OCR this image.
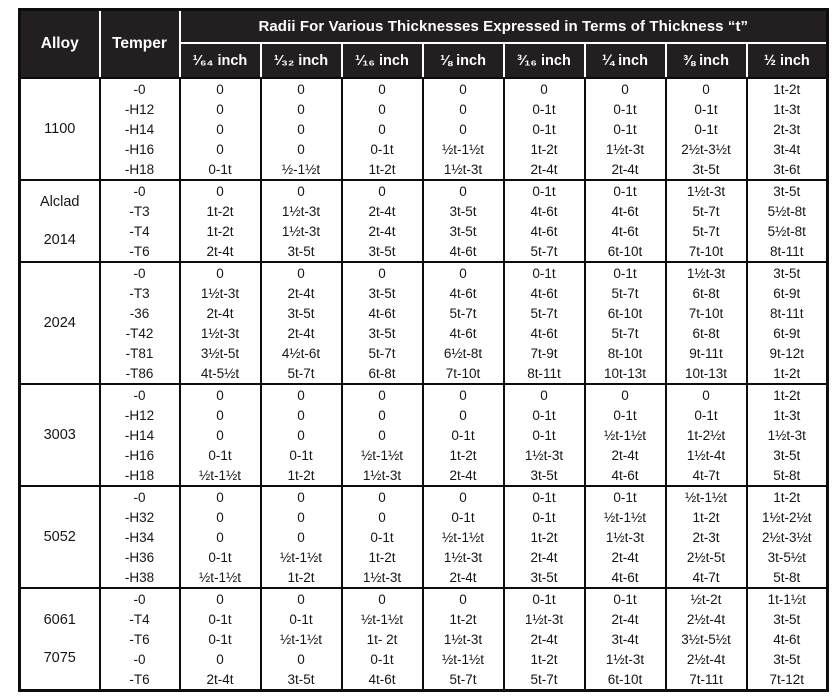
Alloy	Temper	Radii For Various Thicknesses Expressed in Terms of Thickness “t”							
		¹⁄₆₄ inch	¹⁄₃₂ inch	¹⁄₁₆ inch	⅛ inch	³⁄₁₆ inch	¼ inch	⅜ inch	½ inch

1100	-0	0	0	0	0	0	0	0	1t-2t
	-H12	0	0	0	0	0-1t	0-1t	0-1t	1t-3t
	-H14	0	0	0	0	0-1t	0-1t	0-1t	2t-3t
	-H16	0	0	0-1t	½t-1½t	1t-2t	1½t-3t	2½t-3½t	3t-4t
	-H18	0-1t	½-1½t	1t-2t	1½t-3t	2t-4t	2t-4t	3t-5t	3t-6t

Alclad
2014	-0	0	0	0	0	0-1t	0-1t	1½t-3t	3t-5t
	-T3	1t-2t	1½t-3t	2t-4t	3t-5t	4t-6t	4t-6t	5t-7t	5½t-8t
	-T4	1t-2t	1½t-3t	2t-4t	3t-5t	4t-6t	4t-6t	5t-7t	5½t-8t
	-T6	2t-4t	3t-5t	3t-5t	4t-6t	5t-7t	6t-10t	7t-10t	8t-11t

2024	-0	0	0	0	0	0-1t	0-1t	1½t-3t	3t-5t
	-T3	1½t-3t	2t-4t	3t-5t	4t-6t	4t-6t	5t-7t	6t-8t	6t-9t
	-36	2t-4t	3t-5t	4t-6t	5t-7t	5t-7t	6t-10t	7t-10t	8t-11t
	-T42	1½t-3t	2t-4t	3t-5t	4t-6t	4t-6t	5t-7t	6t-8t	6t-9t
	-T81	3½t-5t	4½t-6t	5t-7t	6½t-8t	7t-9t	8t-10t	9t-11t	9t-12t
	-T86	4t-5½t	5t-7t	6t-8t	7t-10t	8t-11t	10t-13t	10t-13t	1t-2t

3003	-0	0	0	0	0	0	0	0	1t-2t
	-H12	0	0	0	0	0-1t	0-1t	0-1t	1t-3t
	-H14	0	0	0	0-1t	0-1t	½t-1½t	1t-2½t	1½t-3t
	-H16	0-1t	0-1t	½t-1½t	1t-2t	1½t-3t	2t-4t	1½t-4t	3t-5t
	-H18	½t-1½t	1t-2t	1½t-3t	2t-4t	3t-5t	4t-6t	4t-7t	5t-8t

5052	-0	0	0	0	0	0-1t	0-1t	½t-1½t	1t-2t
	-H32	0	0	0	0-1t	0-1t	½t-1½t	1t-2t	1½t-2½t
	-H34	0	0	0-1t	½t-1½t	1t-2t	1½t-3t	2t-3t	2½t-3½t
	-H36	0-1t	½t-1½t	1t-2t	1½t-3t	2t-4t	2t-4t	2½t-5t	3t-5½t
	-H38	½t-1½t	1t-2t	1½t-3t	2t-4t	3t-5t	4t-6t	4t-7t	5t-8t

6061
7075	-0	0	0	0	0	0-1t	0-1t	½t-2t	1t-1½t
	-T4	0-1t	0-1t	½t-1½t	1t-2t	1½t-3t	2t-4t	2½t-4t	3t-5t
	-T6	0-1t	½t-1½t	1t- 2t	1½t-3t	2t-4t	3t-4t	3½t-5½t	4t-6t
	-0	0	0	0-1t	½t-1½t	1t-2t	1½t-3t	2½t-4t	3t-5t
	-T6	2t-4t	3t-5t	4t-6t	5t-7t	5t-7t	6t-10t	7t-11t	7t-12t
